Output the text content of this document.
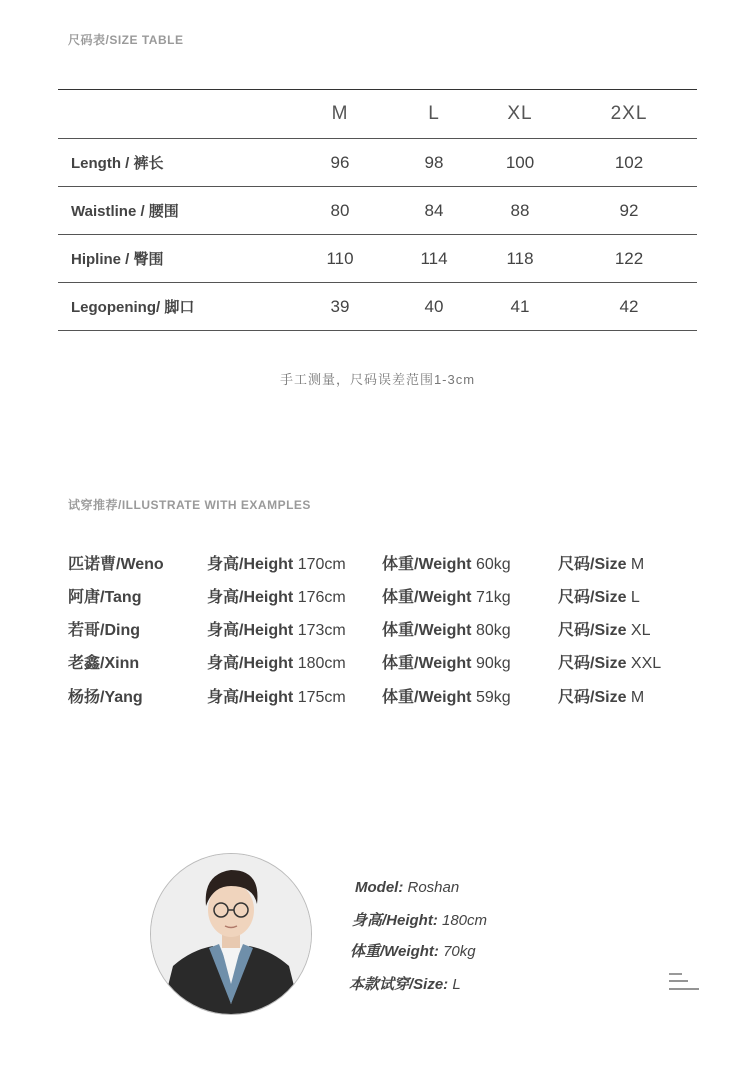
尺码表/SIZE TABLE
	M	L	XL	2XL
Length / 裤长	96	98	100	102
Waistline / 腰围	80	84	88	92
Hipline / 臀围	110	114	118	122
Legopening/ 脚口	39	40	41	42
手工测量，尺码误差范围1-3cm
试穿推荐/ILLUSTRATE WITH EXAMPLES
匹诺曹/Weno	身高/Height 170cm 体重/Weight 60kg	尺码/Size M
阿唐/Tang	身高/Height 176cm 体重/Weight 71kg	尺码/Size L
若哥/Ding	身高/Height 173cm 体重/Weight 80kg	尺码/Size XL
老鑫/Xinn	身高/Height 180cm 体重/Weight 90kg	尺码/Size XXL
杨扬/Yang	身高/Height 175cm 体重/Weight 59kg	尺码/Size M
Model: Roshan
身高/Height: 180cm
体重/Weight: 70kg
本款试穿/Size: L
